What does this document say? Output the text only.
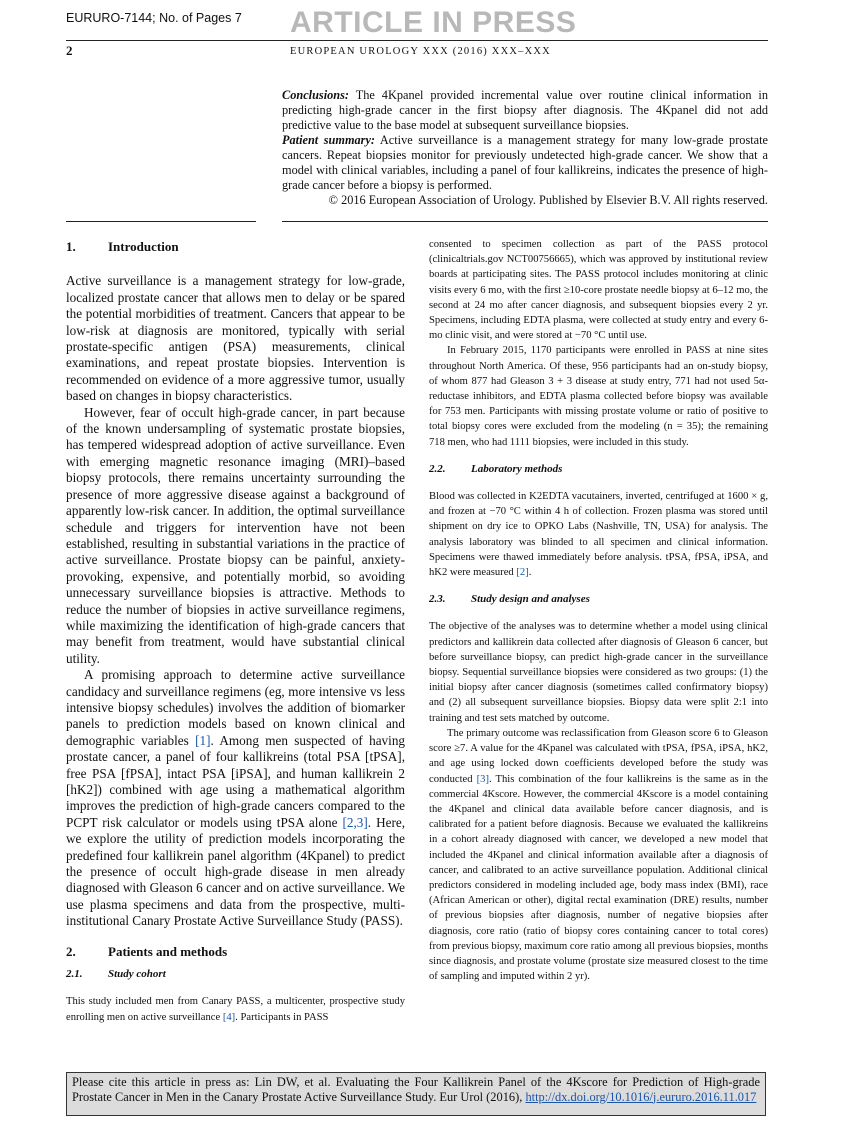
EURURO-7144; No. of Pages 7 ARTICLE IN PRESS
2	EUROPEAN UROLOGY XXX (2016) XXX–XXX

Conclusions: The 4Kpanel provided incremental value over routine clinical information in predicting high-grade cancer in the first biopsy after diagnosis. The 4Kpanel did not add predictive value to the base model at subsequent surveillance biopsies.

Patient summary: Active surveillance is a management strategy for many low-grade prostate cancers. Repeat biopsies monitor for previously undetected high-grade cancer. We show that a model with clinical variables, including a panel of four kallikreins, indicates the presence of high-grade cancer before a biopsy is performed.

© 2016 European Association of Urology. Published by Elsevier B.V. All rights reserved.

1. Introduction

Active surveillance is a management strategy for low-grade, localized prostate cancer that allows men to delay or be spared the potential morbidities of treatment. Cancers that appear to be low-risk at diagnosis are monitored, typically with serial prostate-specific antigen (PSA) measurements, clinical examinations, and repeat prostate biopsies. Intervention is recommended on evidence of a more aggressive tumor, usually based on changes in biopsy characteristics.

However, fear of occult high-grade cancer, in part because of the known undersampling of systematic prostate biopsies, has tempered widespread adoption of active surveillance. Even with emerging magnetic resonance imaging (MRI)–based biopsy protocols, there remains uncertainty surrounding the presence of more aggressive disease against a background of apparently low-risk cancer. In addition, the optimal surveillance schedule and triggers for intervention have not been established, resulting in substantial variations in the practice of active surveillance. Prostate biopsy can be painful, anxiety-provoking, expensive, and potentially morbid, so avoiding unnecessary surveillance biopsies is attractive. Methods to reduce the number of biopsies in active surveillance regimens, while maximizing the identification of high-grade cancers that may benefit from treatment, would have substantial clinical utility.

A promising approach to determine active surveillance candidacy and surveillance regimens (eg, more intensive vs less intensive biopsy schedules) involves the addition of biomarker panels to prediction models based on known clinical and demographic variables [1]. Among men suspected of having prostate cancer, a panel of four kallikreins (total PSA [tPSA], free PSA [fPSA], intact PSA [iPSA], and human kallikrein 2 [hK2]) combined with age using a mathematical algorithm improves the prediction of high-grade cancers compared to the PCPT risk calculator or models using tPSA alone [2,3]. Here, we explore the utility of prediction models incorporating the predefined four kallikrein panel algorithm (4Kpanel) to predict the presence of occult high-grade disease in men already diagnosed with Gleason 6 cancer and on active surveillance. We use plasma specimens and data from the prospective, multi-institutional Canary Prostate Active Surveillance Study (PASS).

2. Patients and methods
2.1. Study cohort

This study included men from Canary PASS, a multicenter, prospective study enrolling men on active surveillance [4]. Participants in PASS

consented to specimen collection as part of the PASS protocol (clinicaltrials.gov NCT00756665), which was approved by institutional review boards at participating sites. The PASS protocol includes monitoring at clinic visits every 6 mo, with the first ≥10-core prostate needle biopsy at 6–12 mo, the second at 24 mo after cancer diagnosis, and subsequent biopsies every 2 yr. Specimens, including EDTA plasma, were collected at study entry and every 6-mo clinic visit, and were stored at −70 °C until use.

In February 2015, 1170 participants were enrolled in PASS at nine sites throughout North America. Of these, 956 participants had an on-study biopsy, of whom 877 had Gleason 3 + 3 disease at study entry, 771 had not used 5α-reductase inhibitors, and EDTA plasma collected before biopsy was available for 753 men. Participants with missing prostate volume or ratio of positive to total biopsy cores were excluded from the modeling (n = 35); the remaining 718 men, who had 1111 biopsies, were included in this study.

2.2. Laboratory methods

Blood was collected in K2EDTA vacutainers, inverted, centrifuged at 1600 × g, and frozen at −70 °C within 4 h of collection. Frozen plasma was stored until shipment on dry ice to OPKO Labs (Nashville, TN, USA) for analysis. The analysis laboratory was blinded to all specimen and clinical information. Specimens were thawed immediately before analysis. tPSA, fPSA, iPSA, and hK2 were measured [2].

2.3. Study design and analyses

The objective of the analyses was to determine whether a model using clinical predictors and kallikrein data collected after diagnosis of Gleason 6 cancer, but before surveillance biopsy, can predict high-grade cancer in the surveillance biopsy. Sequential surveillance biopsies were considered as two groups: (1) the initial biopsy after cancer diagnosis (sometimes called confirmatory biopsy) and (2) all subsequent surveillance biopsies. Biopsy data were split 2:1 into training and test sets matched by outcome.

The primary outcome was reclassification from Gleason score 6 to Gleason score ≥7. A value for the 4Kpanel was calculated with tPSA, fPSA, iPSA, hK2, and age using locked down coefficients developed before the study was conducted [3]. This combination of the four kallikreins is the same as in the commercial 4Kscore. However, the commercial 4Kscore is a model containing the 4Kpanel and clinical data available before cancer diagnosis, and is calibrated for a patient before diagnosis. Because we evaluated the kallikreins in a cohort already diagnosed with cancer, we developed a new model that included the 4Kpanel and clinical information available after a diagnosis of cancer, and calibrated to an active surveillance population. Additional clinical predictors considered in modeling included age, body mass index (BMI), race (African American or other), digital rectal examination (DRE) results, number of previous biopsies after diagnosis, number of negative biopsies after diagnosis, core ratio (ratio of biopsy cores containing cancer to total cores) from previous biopsy, maximum core ratio among all previous biopsies, months since diagnosis, and prostate volume (prostate size measured closest to the time of sampling and imputed within 2 yr).

Please cite this article in press as: Lin DW, et al. Evaluating the Four Kallikrein Panel of the 4Kscore for Prediction of High-grade Prostate Cancer in Men in the Canary Prostate Active Surveillance Study. Eur Urol (2016), http://dx.doi.org/10.1016/j.eururo.2016.11.017
